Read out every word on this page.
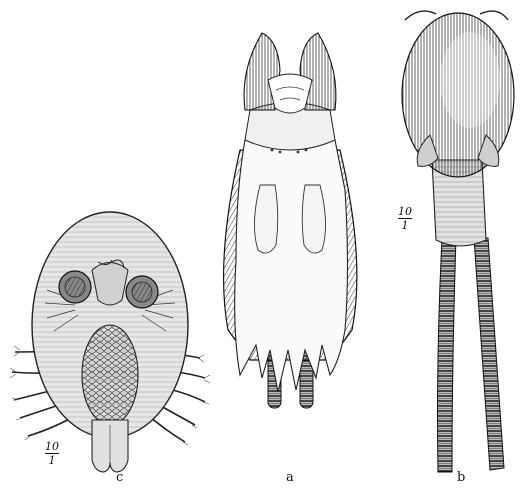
c	a	b
10
1
10
1
